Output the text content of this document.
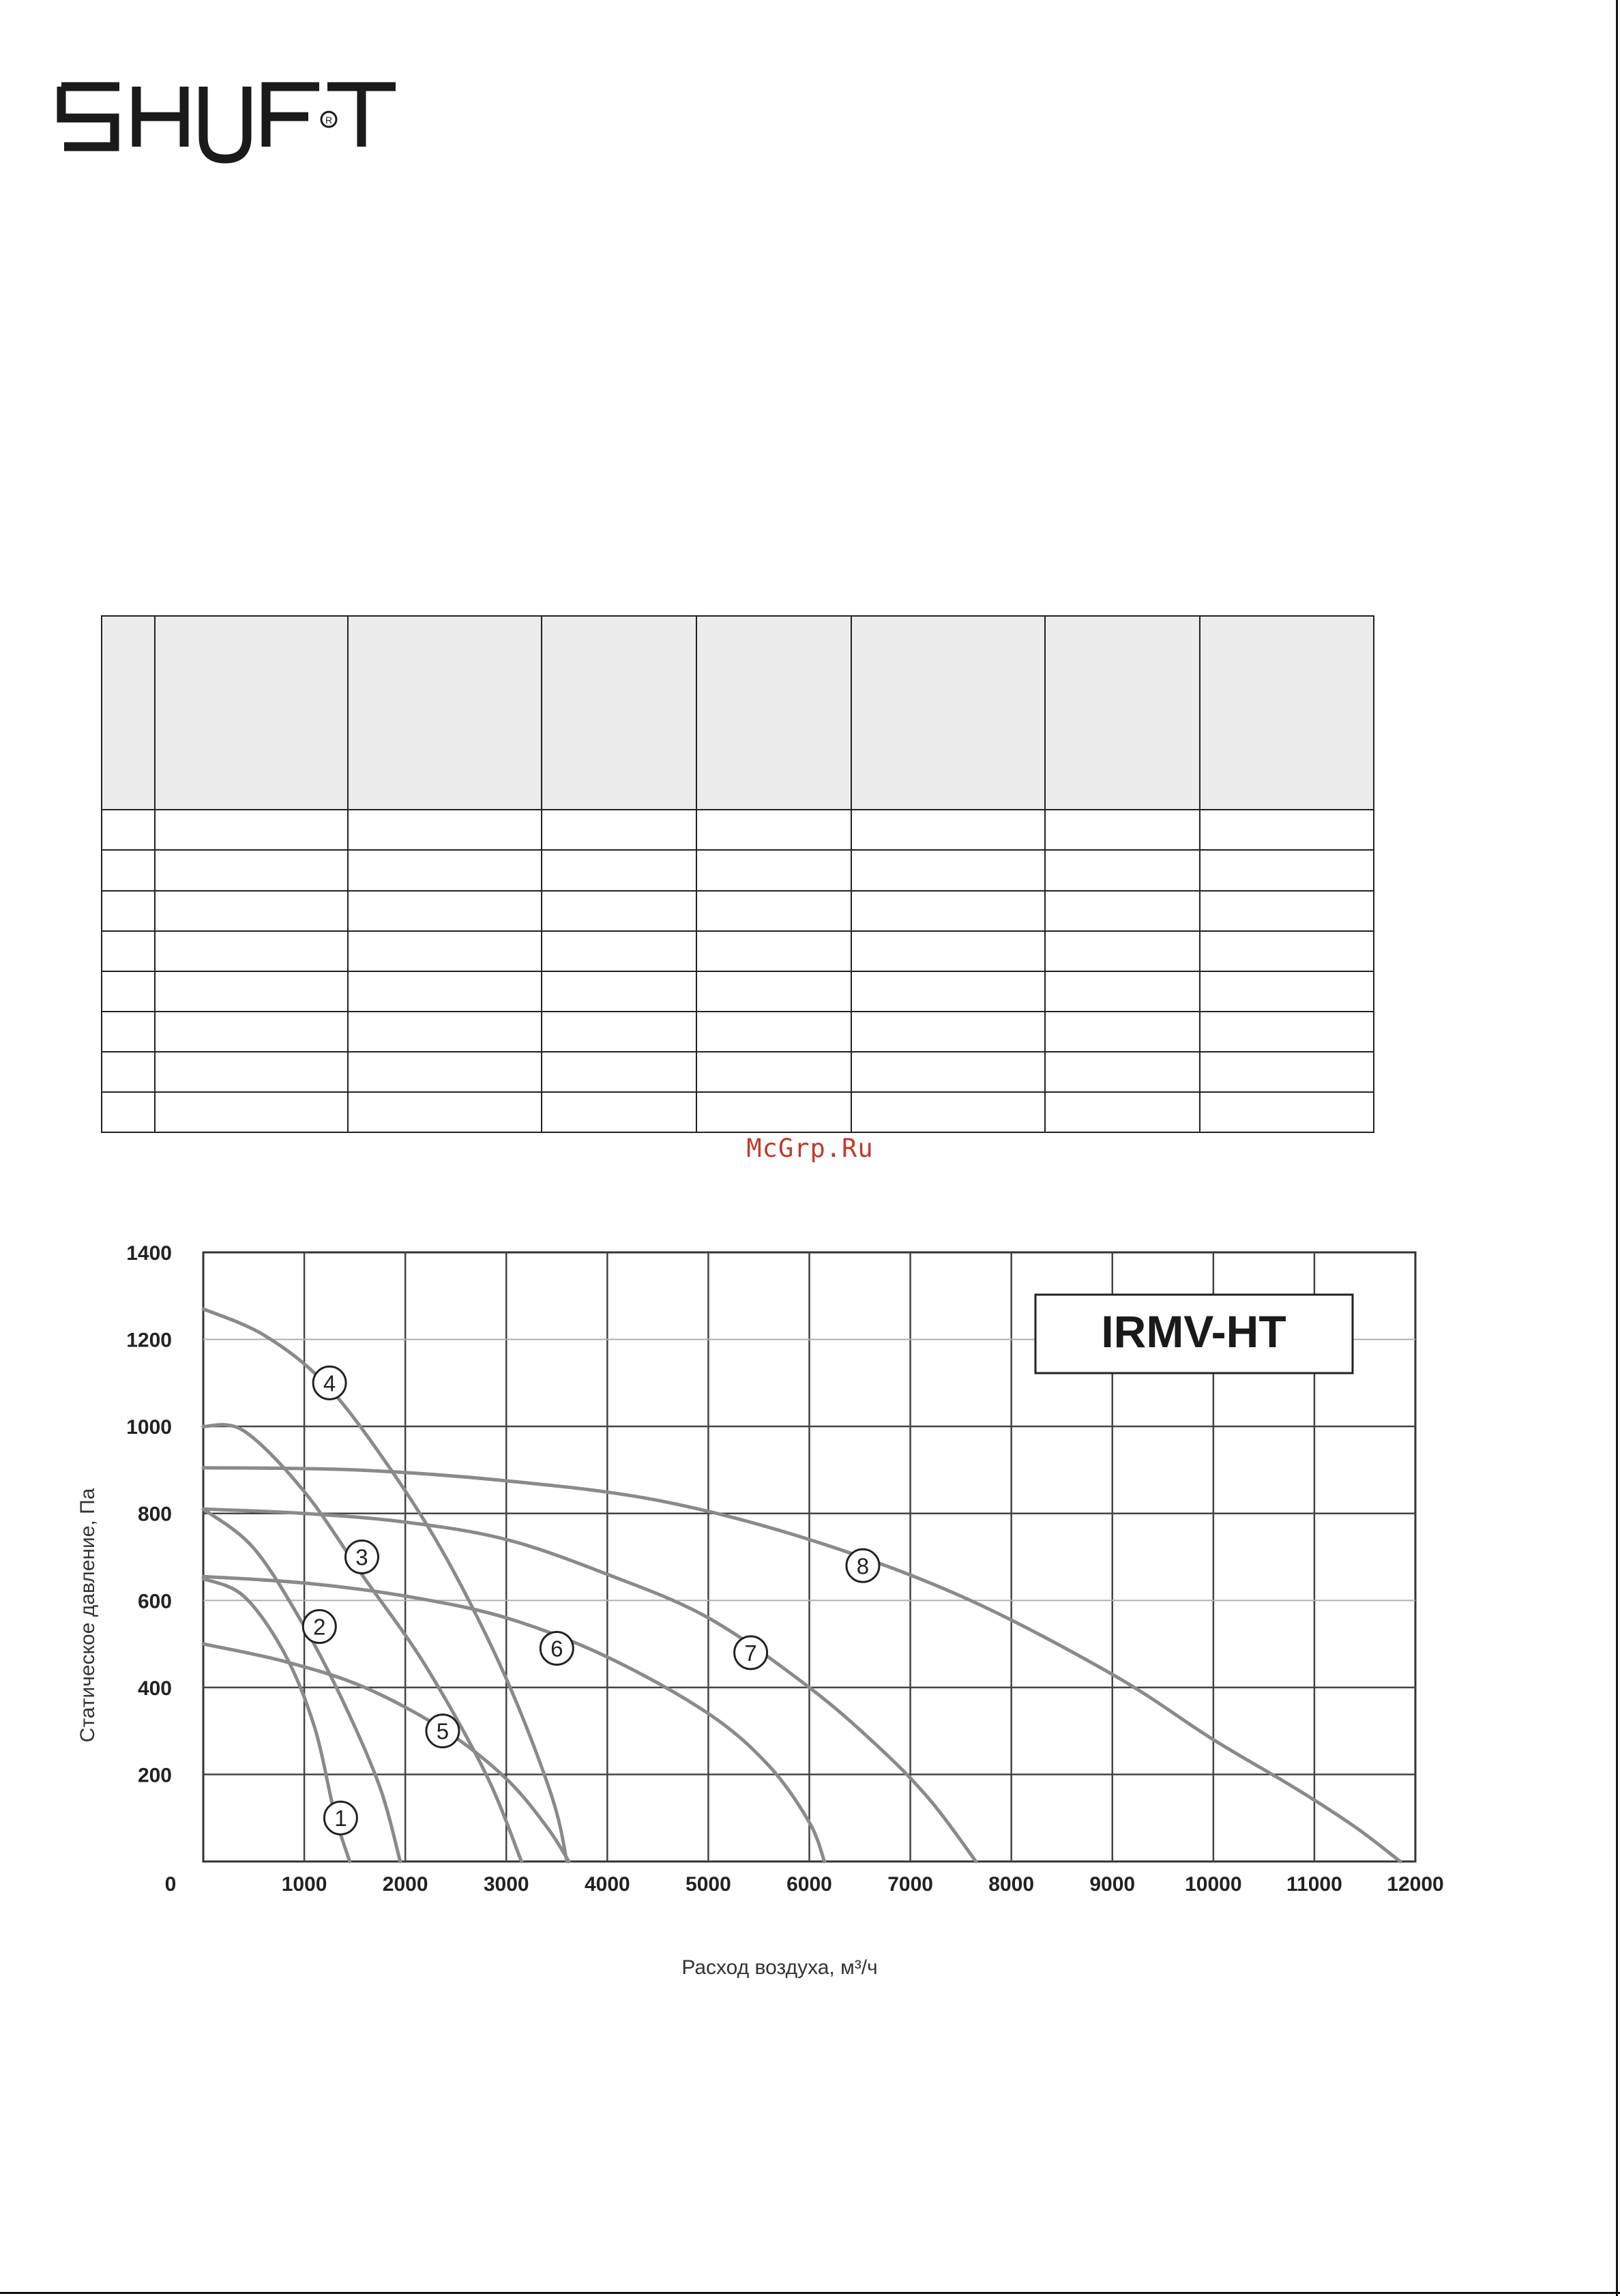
R

McGrp.Ru
1000	2000	3000	4000	5000	6000	7000	8000	9000 10000 11000 12000
200
400
600
800
1000
1200
1400
1
2
3
4
5
6	7
8
IRMV-HT
Статическое давление, Па
Расход воздуха, м³/ч
0
